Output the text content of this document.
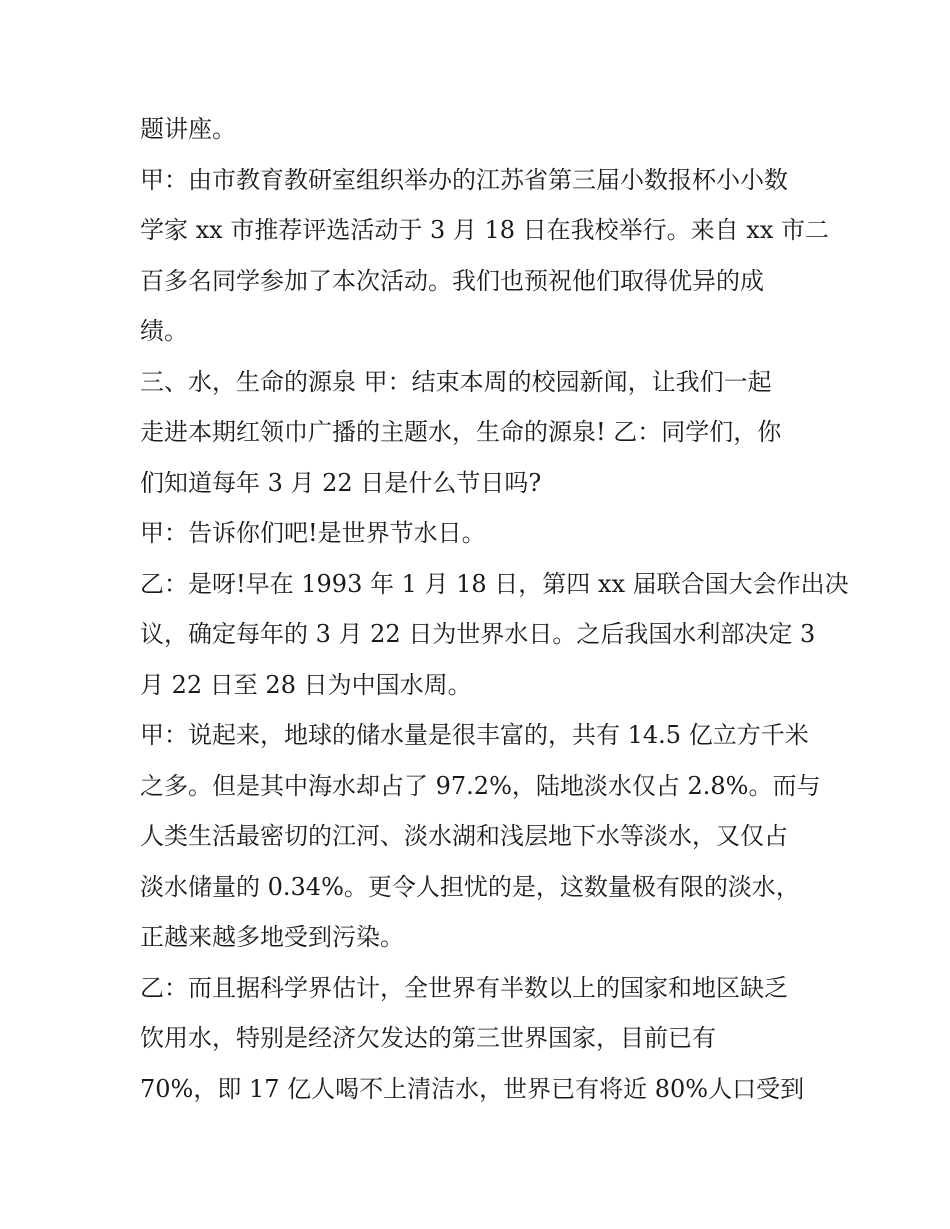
题讲座。

甲：由市教育教研室组织举办的江苏省第三届小数报杯小小数

学家 xx 市推荐评选活动于 3 月 18 日在我校举行。来自 xx 市二

百多名同学参加了本次活动。我们也预祝他们取得优异的成

绩。

三、水，生命的源泉 甲：结束本周的校园新闻，让我们一起

走进本期红领巾广播的主题水，生命的源泉! 乙：同学们，你

们知道每年 3 月 22 日是什么节日吗?

甲：告诉你们吧!是世界节水日。

乙：是呀!早在 1993 年 1 月 18 日，第四 xx 届联合国大会作出决

议，确定每年的 3 月 22 日为世界水日。之后我国水利部决定 3

月 22 日至 28 日为中国水周。

甲：说起来，地球的储水量是很丰富的，共有 14.5 亿立方千米

之多。但是其中海水却占了 97.2%，陆地淡水仅占 2.8%。而与

人类生活最密切的江河、淡水湖和浅层地下水等淡水，又仅占

淡水储量的 0.34%。更令人担忧的是，这数量极有限的淡水，

正越来越多地受到污染。

乙：而且据科学界估计，全世界有半数以上的国家和地区缺乏

饮用水，特别是经济欠发达的第三世界国家，目前已有

70%，即 17 亿人喝不上清洁水，世界已有将近 80%人口受到
